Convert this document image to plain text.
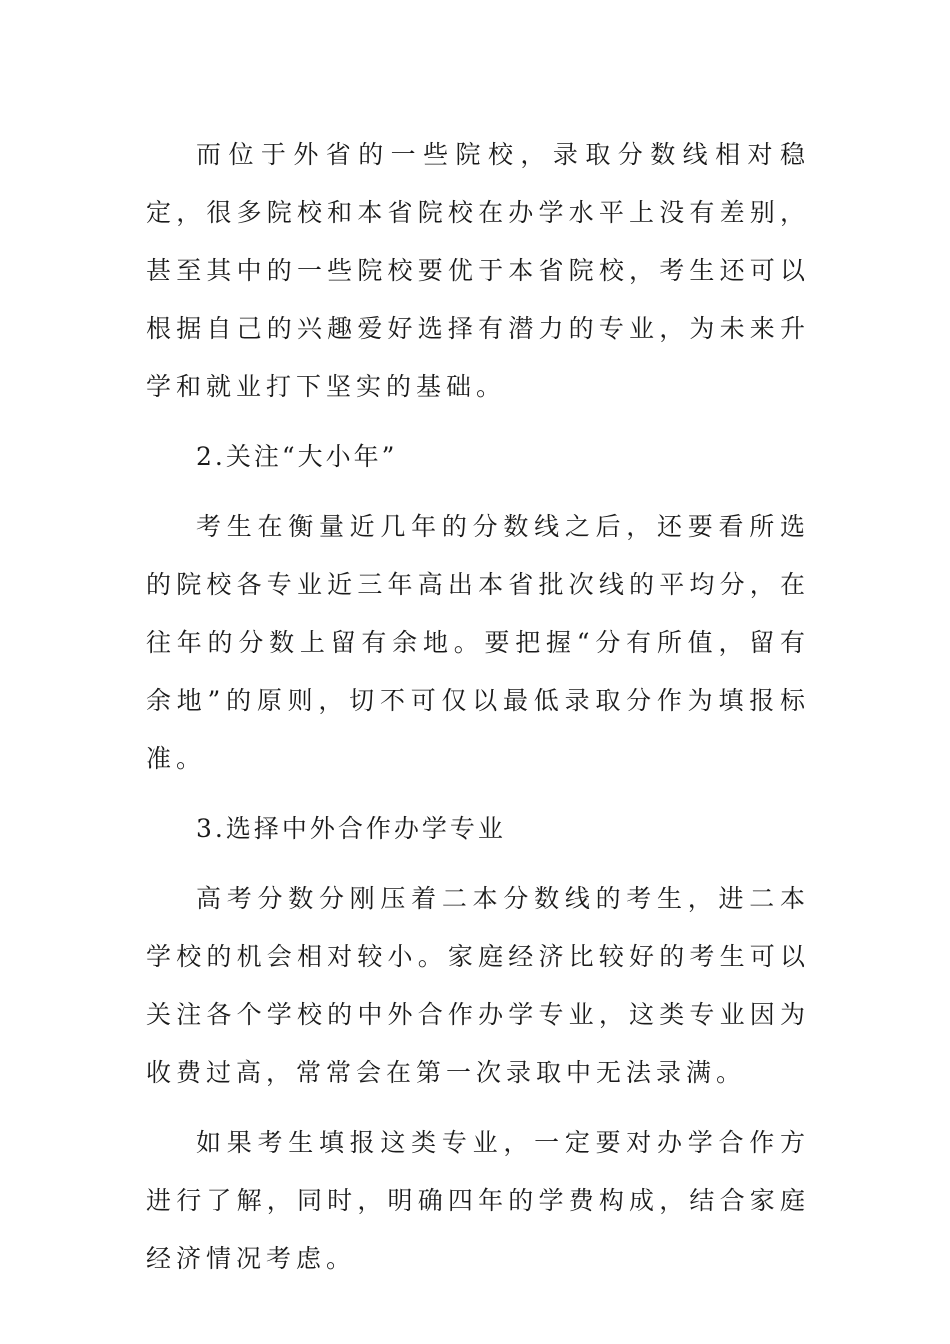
而位于外省的一些院校，录取分数线相对稳定，很多院校和本省院校在办学水平上没有差别，甚至其中的一些院校要优于本省院校，考生还可以根据自己的兴趣爱好选择有潜力的专业，为未来升学和就业打下坚实的基础。

2.关注“大小年”

考生在衡量近几年的分数线之后，还要看所选的院校各专业近三年高出本省批次线的平均分，在往年的分数上留有余地。要把握“分有所值，留有余地”的原则，切不可仅以最低录取分作为填报标准。

3.选择中外合作办学专业

高考分数分刚压着二本分数线的考生，进二本学校的机会相对较小。家庭经济比较好的考生可以关注各个学校的中外合作办学专业，这类专业因为收费过高，常常会在第一次录取中无法录满。

如果考生填报这类专业，一定要对办学合作方进行了解，同时，明确四年的学费构成，结合家庭经济情况考虑。
